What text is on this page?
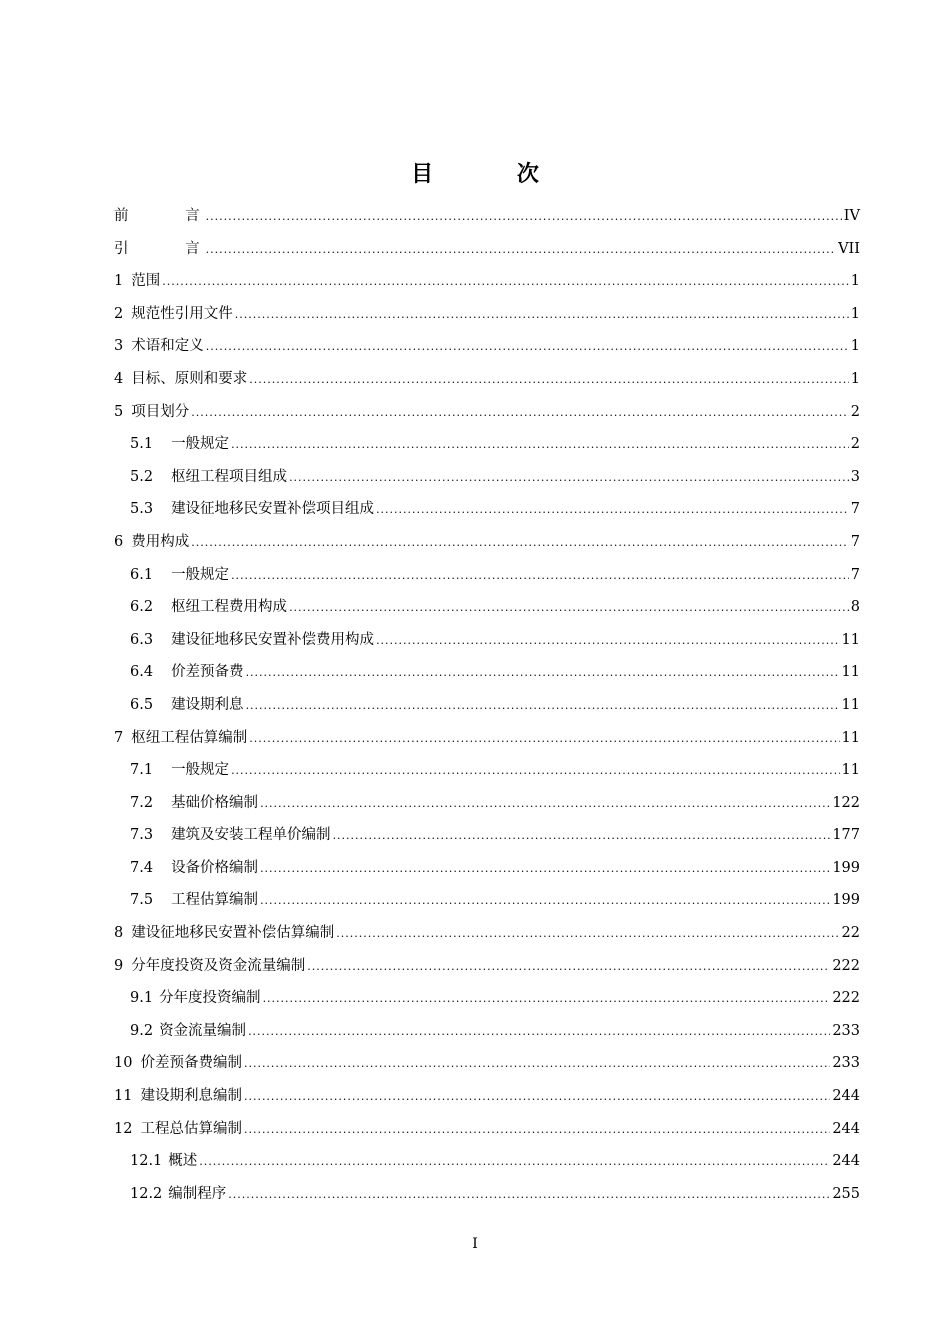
目 次
前 言 .....	IV
引 言 .....	VII
1 范围 .....	1
2 规范性引用文件 .....	1
3 术语和定义 .....	1
4 目标、原则和要求 .....	1
5 项目划分 .....	2
5.1 一般规定 .....	2
5.2 枢纽工程项目组成 .....	3
5.3 建设征地移民安置补偿项目组成 .....	7
6 费用构成 .....	7
6.1 一般规定 .....	7
6.2 枢纽工程费用构成 .....	8
6.3 建设征地移民安置补偿费用构成 .....	11
6.4 价差预备费 .....	11
6.5 建设期利息 .....	11
7 枢纽工程估算编制 .....	11
7.1 一般规定 .....	11
7.2 基础价格编制 .....	122
7.3 建筑及安装工程单价编制 .....	177
7.4 设备价格编制 .....	199
7.5 工程估算编制 .....	199
8 建设征地移民安置补偿估算编制 .....	22
9 分年度投资及资金流量编制 .....	222
9.1 分年度投资编制 .....	222
9.2 资金流量编制 .....	233
10 价差预备费编制 .....	233
11 建设期利息编制 .....	244
12 工程总估算编制 .....	244
12.1 概述 .....	244
12.2 编制程序 .....	255
I
